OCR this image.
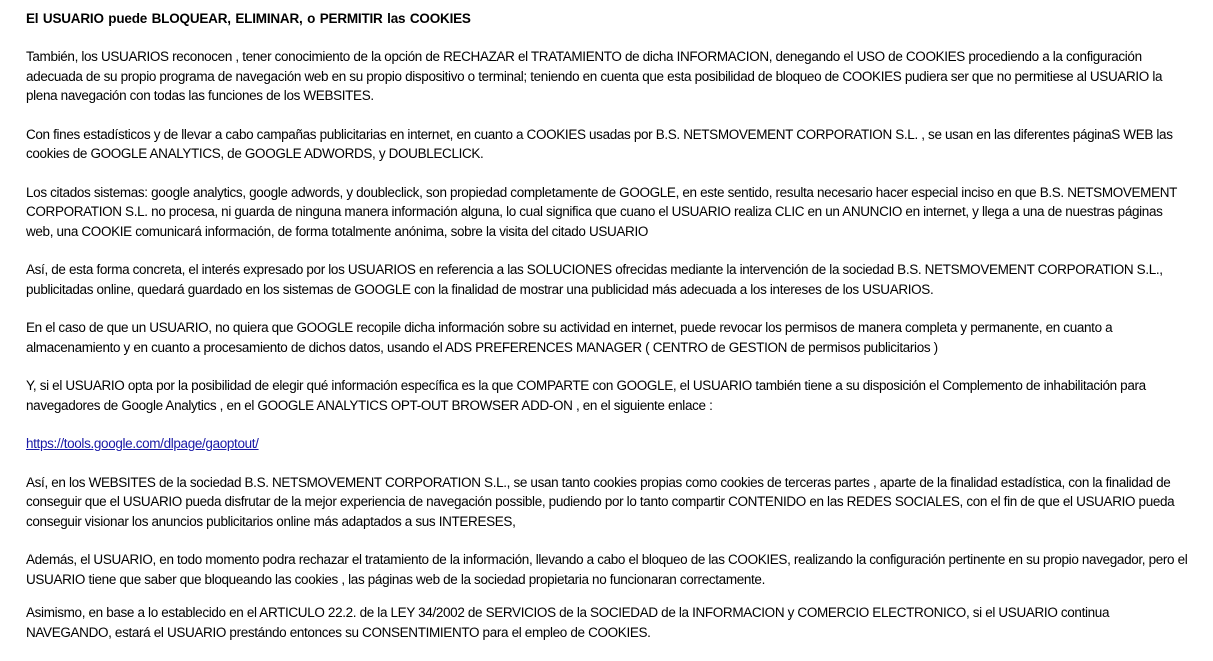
El USUARIO puede BLOQUEAR, ELIMINAR, o PERMITIR las COOKIES

También, los USUARIOS reconocen , tener conocimiento de la opción de RECHAZAR el TRATAMIENTO de dicha INFORMACION, denegando el USO de COOKIES procediendo a la configuración adecuada de su propio programa de navegación web en su propio dispositivo o terminal; teniendo en cuenta que esta posibilidad de bloqueo de COOKIES pudiera ser que no permitiese al USUARIO la plena navegación con todas las funciones de los WEBSITES.

Con fines estadísticos y de llevar a cabo campañas publicitarias en internet, en cuanto a COOKIES usadas por B.S. NETSMOVEMENT CORPORATION S.L. , se usan en las diferentes páginaS WEB las cookies de GOOGLE ANALYTICS, de GOOGLE ADWORDS, y DOUBLECLICK.

Los citados sistemas: google analytics, google adwords, y doubleclick, son propiedad completamente de GOOGLE, en este sentido, resulta necesario hacer especial inciso en que B.S. NETSMOVEMENT CORPORATION S.L. no procesa, ni guarda de ninguna manera información alguna, lo cual significa que cuano el USUARIO realiza CLIC en un ANUNCIO en internet, y llega a una de nuestras páginas web, una COOKIE comunicará información, de forma totalmente anónima, sobre la visita del citado USUARIO

Así, de esta forma concreta, el interés expresado por los USUARIOS en referencia a las SOLUCIONES ofrecidas mediante la intervención de la sociedad B.S. NETSMOVEMENT CORPORATION S.L., publicitadas online, quedará guardado en los sistemas de GOOGLE con la finalidad de mostrar una publicidad más adecuada a los intereses de los USUARIOS.

En el caso de que un USUARIO, no quiera que GOOGLE recopile dicha información sobre su actividad en internet, puede revocar los permisos de manera completa y permanente, en cuanto a almacenamiento y en cuanto a procesamiento de dichos datos, usando el ADS PREFERENCES MANAGER ( CENTRO de GESTION de permisos publicitarios )

Y, si el USUARIO opta por la posibilidad de elegir qué información específica es la que COMPARTE con GOOGLE, el USUARIO también tiene a su disposición el Complemento de inhabilitación para navegadores de Google Analytics , en el GOOGLE ANALYTICS OPT-OUT BROWSER ADD-ON , en el siguiente enlace :

https://tools.google.com/dlpage/gaoptout/

Así, en los WEBSITES de la sociedad B.S. NETSMOVEMENT CORPORATION S.L., se usan tanto cookies propias como cookies de terceras partes , aparte de la finalidad estadística, con la finalidad de conseguir que el USUARIO pueda disfrutar de la mejor experiencia de navegación possible, pudiendo por lo tanto compartir CONTENIDO en las REDES SOCIALES, con el fin de que el USUARIO pueda conseguir visionar los anuncios publicitarios online más adaptados a sus INTERESES,

Además, el USUARIO, en todo momento podra rechazar el tratamiento de la información, llevando a cabo el bloqueo de las COOKIES, realizando la configuración pertinente en su propio navegador, pero el USUARIO tiene que saber que bloqueando las cookies , las páginas web de la sociedad propietaria no funcionaran correctamente.

Asimismo, en base a lo establecido en el ARTICULO 22.2. de la LEY 34/2002 de SERVICIOS de la SOCIEDAD de la INFORMACION y COMERCIO ELECTRONICO, si el USUARIO continua NAVEGANDO, estará el USUARIO prestándo entonces su CONSENTIMIENTO para el empleo de COOKIES.
